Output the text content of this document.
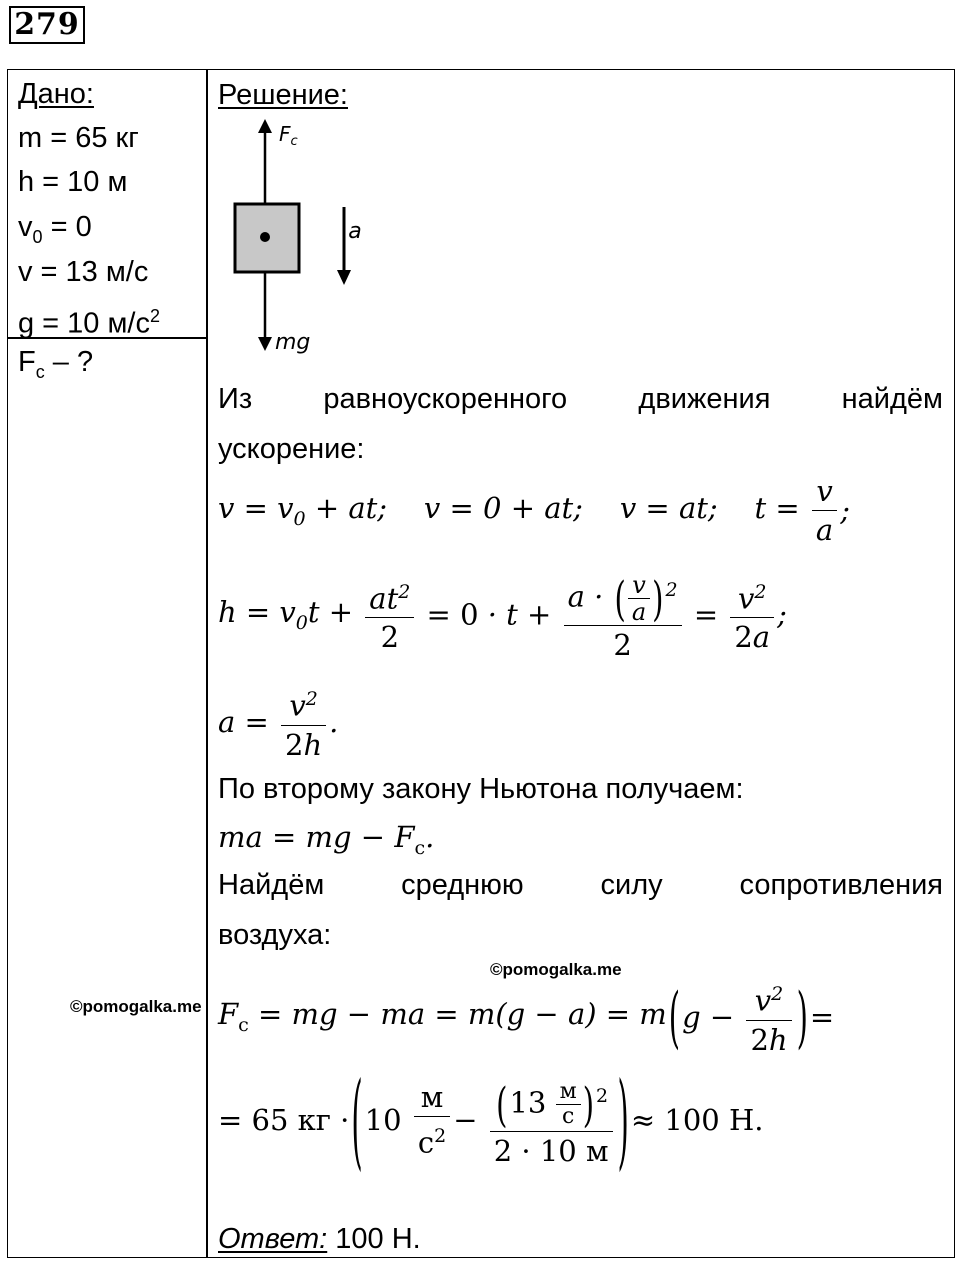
279
Дано:
m = 65 кг
h = 10 м
$v_0 = 0$
v = 13 м/с
g = 10 $м/с^2$
$F_с$ – ?
Решение:
$F_с$
a
mg
Из равноускоренного движения найдём
ускорение:
$v = v_0$ + at;    v = 0 + at;    v = at;    $t = \frac{v}{a}$ ;
$h = v_0t + \frac{at^2}{2} = 0 \cdot t + \frac{a \cdot ( \frac{v}{a} ) ^2}{2} = \frac{v^2}{2a}$ ;
$a = \frac{v^2}{2h}$ .
По второму закону Ньютона получаем:
ma = mg − $F_с$.
Найдём	среднюю	силу	сопротивления
воздуха:
©pomogalka.me
©pomogalka.me $F_с$ = mg − ma = $m(g - a) = m(g - \frac{v^2}{2h}$ )=
= 65 кг $\cdot(10 \frac{м}{с^2} - \frac{(13 \frac{м}{с} ) ^2}{2 \cdot 10 м}$ )≈ 100 Н.
Ответ: 100 Н.
